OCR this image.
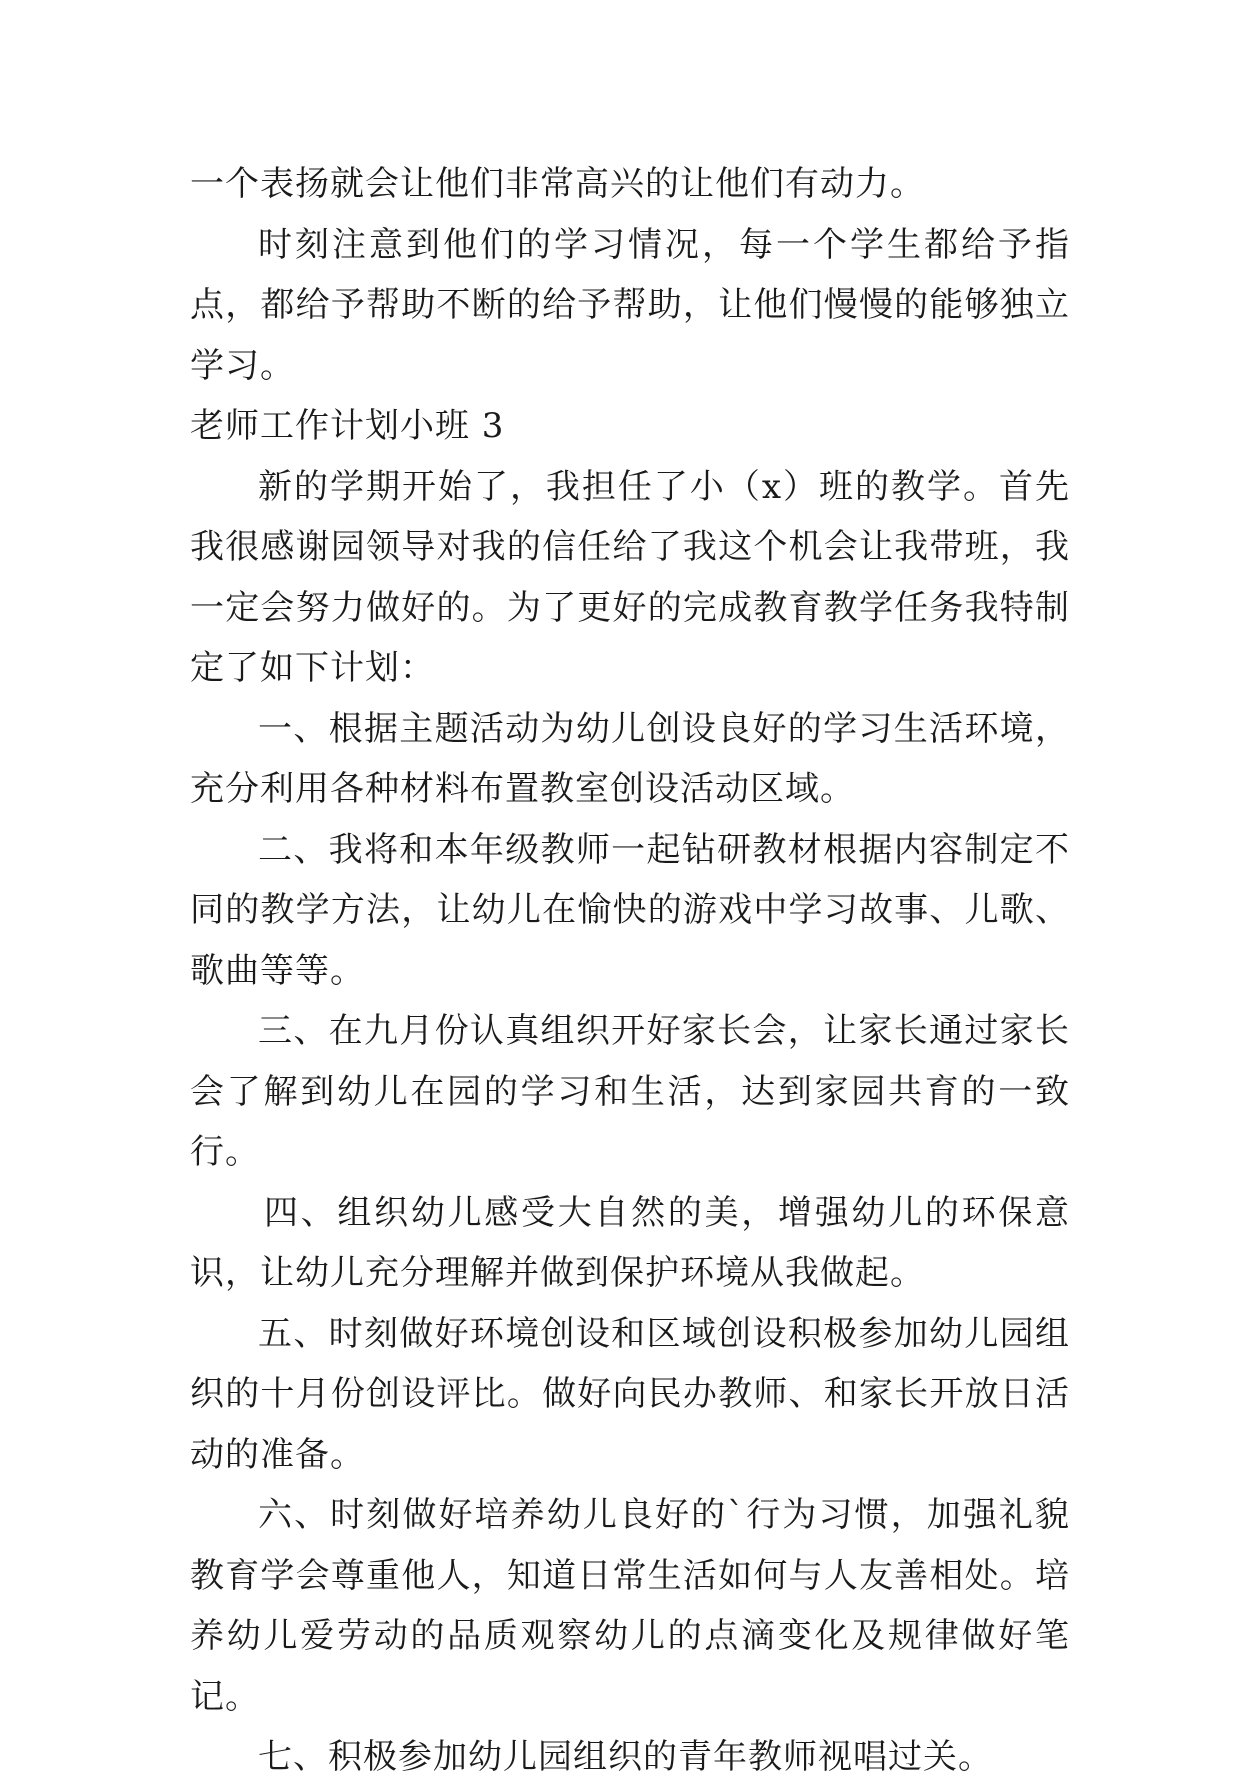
一个表扬就会让他们非常高兴的让他们有动力。

时刻注意到他们的学习情况，每一个学生都给予指点，都给予帮助不断的给予帮助，让他们慢慢的能够独立学习。

老师工作计划小班 3

新的学期开始了，我担任了小（x）班的教学。首先我很感谢园领导对我的信任给了我这个机会让我带班，我一定会努力做好的。为了更好的完成教育教学任务我特制定了如下计划：

一、根据主题活动为幼儿创设良好的学习生活环境，充分利用各种材料布置教室创设活动区域。

二、我将和本年级教师一起钻研教材根据内容制定不同的教学方法，让幼儿在愉快的游戏中学习故事、儿歌、歌曲等等。

三、在九月份认真组织开好家长会，让家长通过家长会了解到幼儿在园的学习和生活，达到家园共育的一致行。

四、组织幼儿感受大自然的美，增强幼儿的环保意识，让幼儿充分理解并做到保护环境从我做起。

五、时刻做好环境创设和区域创设积极参加幼儿园组织的十月份创设评比。做好向民办教师、和家长开放日活动的准备。

六、时刻做好培养幼儿良好的`行为习惯，加强礼貌教育学会尊重他人，知道日常生活如何与人友善相处。培养幼儿爱劳动的品质观察幼儿的点滴变化及规律做好笔记。

七、积极参加幼儿园组织的青年教师视唱过关。
